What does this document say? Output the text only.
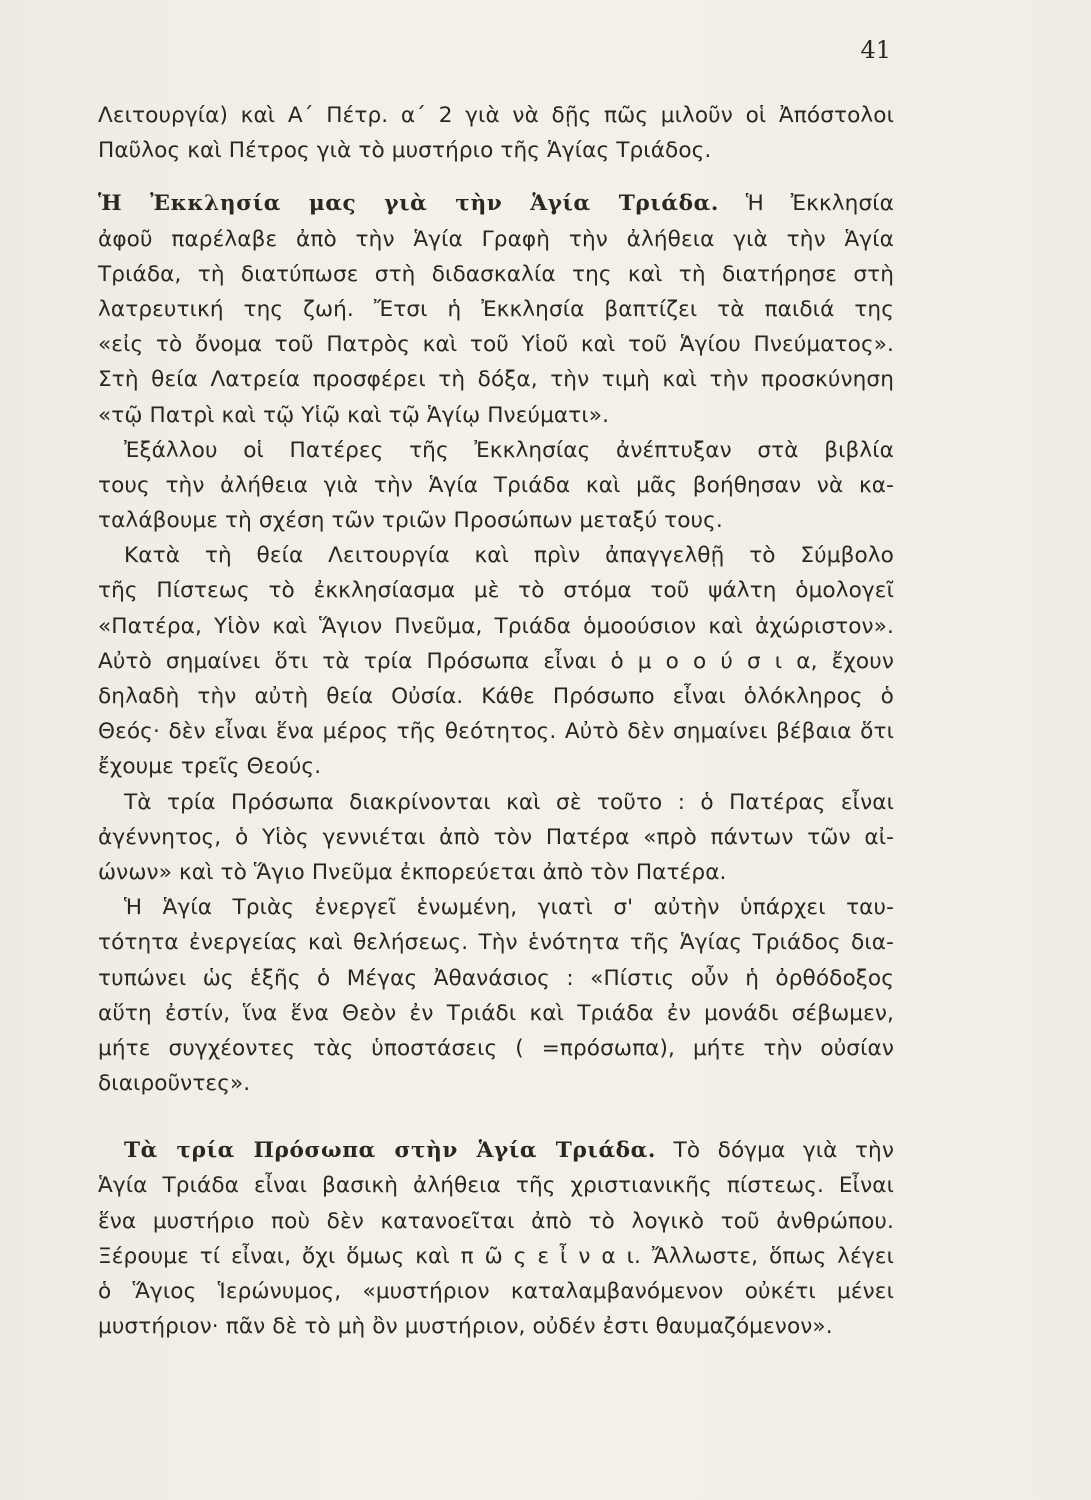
41
Λειτουργία) καὶ Α΄ Πέτρ. α΄ 2 γιὰ νὰ δῇς πῶς μιλοῦν οἱ Ἀπόστολοι
Παῦλος καὶ Πέτρος γιὰ τὸ μυστήριο τῆς Ἁγίας Τριάδος.
Ἡ Ἐκκλησία μας γιὰ τὴν Ἁγία Τριάδα. Ἡ Ἐκκλησία
ἀφοῦ παρέλαβε ἀπὸ τὴν Ἁγία Γραφὴ τὴν ἀλήθεια γιὰ τὴν Ἁγία
Τριάδα, τὴ διατύπωσε στὴ διδασκαλία της καὶ τὴ διατήρησε στὴ
λατρευτική της ζωή. Ἔτσι ἡ Ἐκκλησία βαπτίζει τὰ παιδιά της
«εἰς τὸ ὄνομα τοῦ Πατρὸς καὶ τοῦ Υἱοῦ καὶ τοῦ Ἁγίου Πνεύματος».
Στὴ θεία Λατρεία προσφέρει τὴ δόξα, τὴν τιμὴ καὶ τὴν προσκύνηση
«τῷ Πατρὶ καὶ τῷ Υἱῷ καὶ τῷ Ἁγίῳ Πνεύματι».
Ἐξάλλου οἱ Πατέρες τῆς Ἐκκλησίας ἀνέπτυξαν στὰ βιβλία
τους τὴν ἀλήθεια γιὰ τὴν Ἁγία Τριάδα καὶ μᾶς βοήθησαν νὰ κα-
ταλάβουμε τὴ σχέση τῶν τριῶν Προσώπων μεταξύ τους.
Κατὰ τὴ θεία Λειτουργία καὶ πρὶν ἀπαγγελθῇ τὸ Σύμβολο
τῆς Πίστεως τὸ ἐκκλησίασμα μὲ τὸ στόμα τοῦ ψάλτη ὁμολογεῖ
«Πατέρα, Υἱὸν καὶ Ἅγιον Πνεῦμα, Τριάδα ὁμοούσιον καὶ ἀχώριστον».
Αὐτὸ σημαίνει ὅτι τὰ τρία Πρόσωπα εἶναι ὁ μ ο ο ύ σ ι α, ἔχουν
δηλαδὴ τὴν αὐτὴ θεία Οὐσία. Κάθε Πρόσωπο εἶναι ὁλόκληρος ὁ
Θεός· δὲν εἶναι ἕνα μέρος τῆς θεότητος. Αὐτὸ δὲν σημαίνει βέβαια ὅτι
ἔχουμε τρεῖς Θεούς.
Τὰ τρία Πρόσωπα διακρίνονται καὶ σὲ τοῦτο : ὁ Πατέρας εἶναι
ἀγέννητος, ὁ Υἱὸς γεννιέται ἀπὸ τὸν Πατέρα «πρὸ πάντων τῶν αἰ-
ώνων» καὶ τὸ Ἅγιο Πνεῦμα ἐκπορεύεται ἀπὸ τὸν Πατέρα.
Ἡ Ἁγία Τριὰς ἐνεργεῖ ἑνωμένη, γιατὶ σ' αὐτὴν ὑπάρχει ταυ-
τότητα ἐνεργείας καὶ θελήσεως. Τὴν ἑνότητα τῆς Ἁγίας Τριάδος δια-
τυπώνει ὡς ἑξῆς ὁ Μέγας Ἀθανάσιος : «Πίστις οὖν ἡ ὀρθόδοξος
αὕτη ἐστίν, ἵνα ἕνα Θεὸν ἐν Τριάδι καὶ Τριάδα ἐν μονάδι σέβωμεν,
μήτε συγχέοντες τὰς ὑποστάσεις ( =πρόσωπα), μήτε τὴν οὐσίαν
διαιροῦντες».
Τὰ τρία Πρόσωπα στὴν Ἁγία Τριάδα. Τὸ δόγμα γιὰ τὴν
Ἁγία Τριάδα εἶναι βασικὴ ἀλήθεια τῆς χριστιανικῆς πίστεως. Εἶναι
ἕνα μυστήριο ποὺ δὲν κατανοεῖται ἀπὸ τὸ λογικὸ τοῦ ἀνθρώπου.
Ξέρουμε τί εἶναι, ὄχι ὅμως καὶ π ῶ ς ε ἶ ν α ι. Ἄλλωστε, ὅπως λέγει
ὁ Ἅγιος Ἱερώνυμος, «μυστήριον καταλαμβανόμενον οὐκέτι μένει
μυστήριον· πᾶν δὲ τὸ μὴ ὂν μυστήριον, οὐδέν ἐστι θαυμαζόμενον».
